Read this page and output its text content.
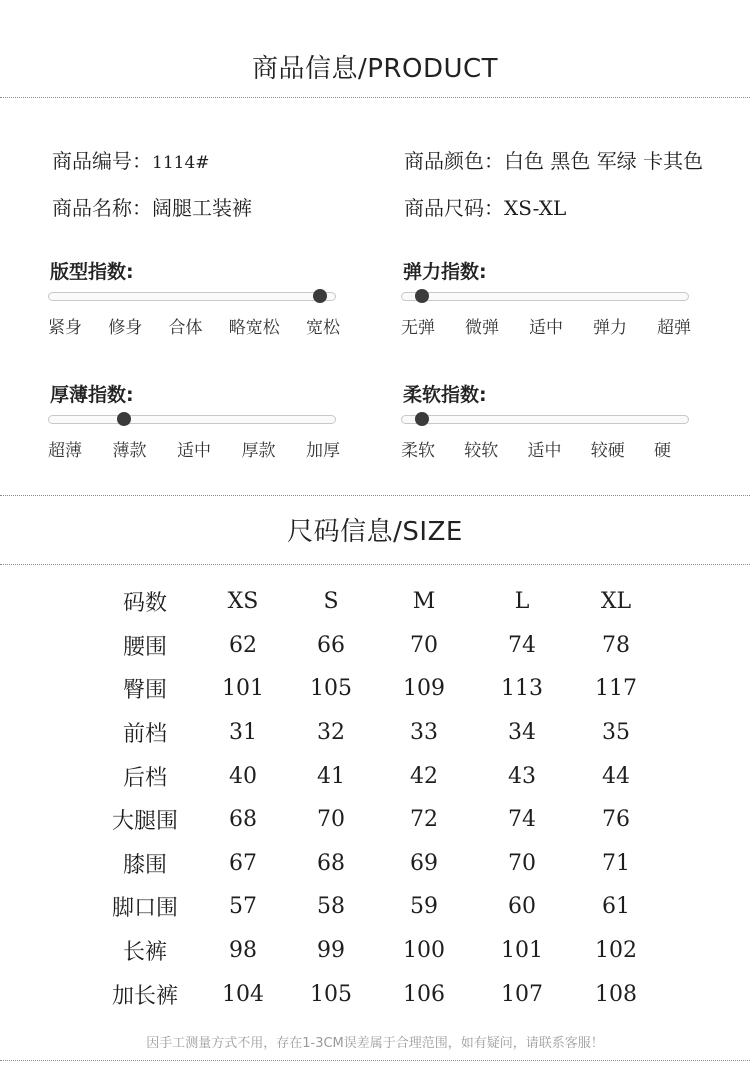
商品信息/PRODUCT
商品编号：1114#	商品颜色：白色 黑色 军绿 卡其色
商品名称：阔腿工装裤	商品尺码：XS-XL
版型指数:
紧身 修身 合体 略宽松 宽松
弹力指数:
无弹 微弹 适中 弹力 超弹
厚薄指数:
超薄 薄款 适中 厚款 加厚
柔软指数:
柔软 较软 适中 较硬 硬
尺码信息/SIZE
码数	XS	S	M	L	XL
腰围	62	66	70	74	78
臀围	101	105	109	113	117
前档	31	32	33	34	35
后档	40	41	42	43	44
大腿围	68	70	72	74	76
膝围	67	68	69	70	71
脚口围	57	58	59	60	61
长裤	98	99	100	101	102
加长裤	104	105	106	107	108
因手工测量方式不用，存在1-3CM误差属于合理范围，如有疑问，请联系客服！
